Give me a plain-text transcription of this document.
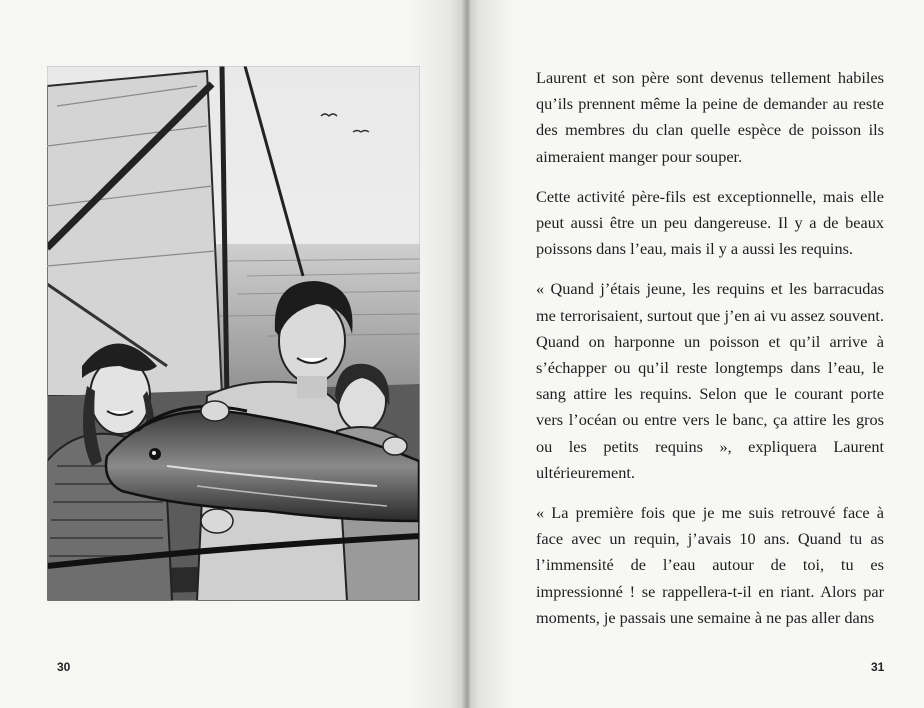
30

Laurent et son père sont devenus tellement habiles qu’ils prennent même la peine de demander au reste des membres du clan quelle espèce de poisson ils aimeraient manger pour souper.

Cette activité père-fils est exceptionnelle, mais elle peut aussi être un peu dangereuse. Il y a de beaux poissons dans l’eau, mais il y a aussi les requins.

« Quand j’étais jeune, les requins et les barracudas me terrorisaient, surtout que j’en ai vu assez souvent. Quand on harponne un poisson et qu’il arrive à s’échapper ou qu’il reste longtemps dans l’eau, le sang attire les requins. Selon que le courant porte vers l’océan ou entre vers le banc, ça attire les gros ou les petits requins », expliquera Laurent ultérieurement.

« La première fois que je me suis retrouvé face à face avec un requin, j’avais 10 ans. Quand tu as l’immensité de l’eau autour de toi, tu es impressionné ! se rappellera-t-il en riant. Alors par moments, je passais une semaine à ne pas aller dans

31
